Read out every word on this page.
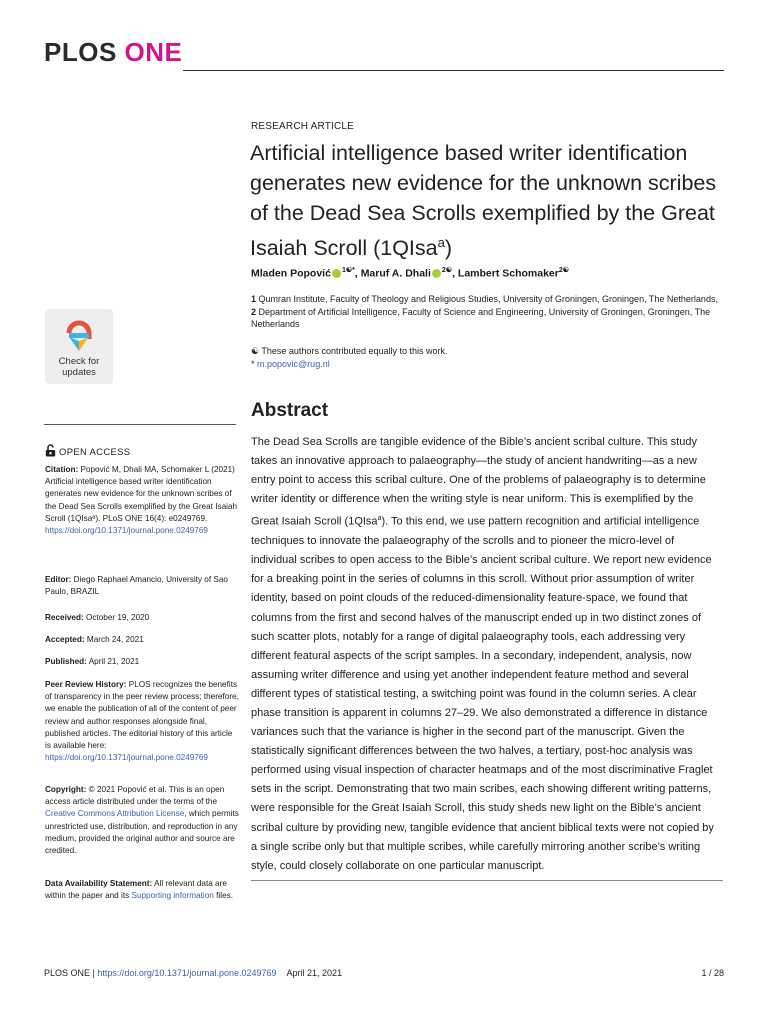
PLOS ONE
Check for
updates
RESEARCH ARTICLE
Artificial intelligence based writer identification generates new evidence for the unknown scribes of the Dead Sea Scrolls exemplified by the Great Isaiah Scroll (1QIsa$^a$)
Mladen Popović $^{1☯*}$, Maruf A. Dhali $^{2☯}$, Lambert Schomaker$^{2☯}$
1 Qumran Institute, Faculty of Theology and Religious Studies, University of Groningen, Groningen, The Netherlands, 2 Department of Artificial Intelligence, Faculty of Science and Engineering, University of Groningen, Groningen, The Netherlands
☯ These authors contributed equally to this work.
* m.popovic@rug.nl
OPEN ACCESS
Citation: Popović M, Dhali MA, Schomaker L (2021) Artificial intelligence based writer identification generates new evidence for the unknown scribes of the Dead Sea Scrolls exemplified by the Great Isaiah Scroll (1QIsaª). PLoS ONE 16(4): e0249769. https://doi.org/10.1371/journal.pone.0249769
Editor: Diego Raphael Amancio, University of Sao Paulo, BRAZIL
Received: October 19, 2020
Accepted: March 24, 2021
Published: April 21, 2021
Peer Review History: PLOS recognizes the benefits of transparency in the peer review process; therefore, we enable the publication of all of the content of peer review and author responses alongside final, published articles. The editorial history of this article is available here: https://doi.org/10.1371/journal.pone.0249769
Copyright: © 2021 Popović et al. This is an open access article distributed under the terms of the Creative Commons Attribution License, which permits unrestricted use, distribution, and reproduction in any medium, provided the original author and source are credited.
Data Availability Statement: All relevant data are within the paper and its Supporting information files.
Abstract

The Dead Sea Scrolls are tangible evidence of the Bible’s ancient scribal culture. This study takes an innovative approach to palaeography—the study of ancient handwriting—as a new entry point to access this scribal culture. One of the problems of palaeography is to determine writer identity or difference when the writing style is near uniform. This is exemplified by the Great Isaiah Scroll (1QIsa$^a$). To this end, we use pattern recognition and artificial intelligence techniques to innovate the palaeography of the scrolls and to pioneer the micro-level of individual scribes to open access to the Bible’s ancient scribal culture. We report new evidence for a breaking point in the series of columns in this scroll. Without prior assumption of writer identity, based on point clouds of the reduced-dimensionality feature-space, we found that columns from the first and second halves of the manuscript ended up in two distinct zones of such scatter plots, notably for a range of digital palaeography tools, each addressing very different featural aspects of the script samples. In a secondary, independent, analysis, now assuming writer difference and using yet another independent feature method and several different types of statistical testing, a switching point was found in the column series. A clear phase transition is apparent in columns 27–29. We also demonstrated a difference in distance variances such that the variance is higher in the second part of the manuscript. Given the statistically significant differences between the two halves, a tertiary, post-hoc analysis was performed using visual inspection of character heatmaps and of the most discriminative Fraglet sets in the script. Demonstrating that two main scribes, each showing different writing patterns, were responsible for the Great Isaiah Scroll, this study sheds new light on the Bible’s ancient scribal culture by providing new, tangible evidence that ancient biblical texts were not copied by a single scribe only but that multiple scribes, while carefully mirroring another scribe’s writing style, could closely collaborate on one particular manuscript.

PLOS ONE | https://doi.org/10.1371/journal.pone.0249769 April 21, 2021	1 / 28
